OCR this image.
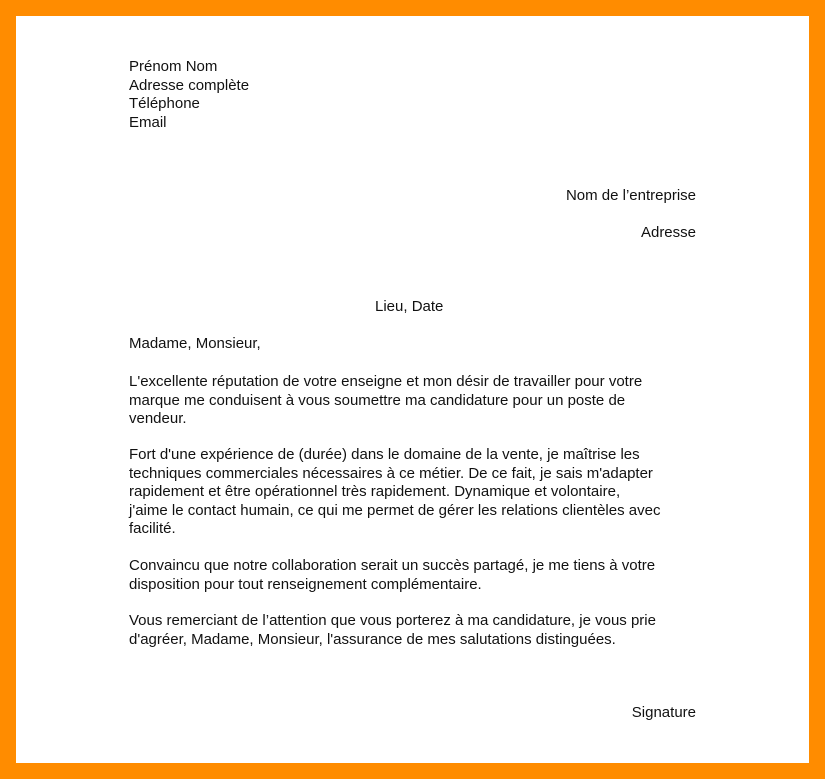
Prénom Nom
Adresse complète
Téléphone
Email
Nom de l’entreprise
Adresse
Lieu, Date
Madame, Monsieur,
L'excellente réputation de votre enseigne et mon désir de travailler pour votre
marque me conduisent à vous soumettre ma candidature pour un poste de
vendeur.
Fort d'une expérience de (durée) dans le domaine de la vente, je maîtrise les
techniques commerciales nécessaires à ce métier. De ce fait, je sais m'adapter
rapidement et être opérationnel très rapidement. Dynamique et volontaire,
j'aime le contact humain, ce qui me permet de gérer les relations clientèles avec
facilité.
Convaincu que notre collaboration serait un succès partagé, je me tiens à votre
disposition pour tout renseignement complémentaire.
Vous remerciant de l’attention que vous porterez à ma candidature, je vous prie
d'agréer, Madame, Monsieur, l'assurance de mes salutations distinguées.
Signature
